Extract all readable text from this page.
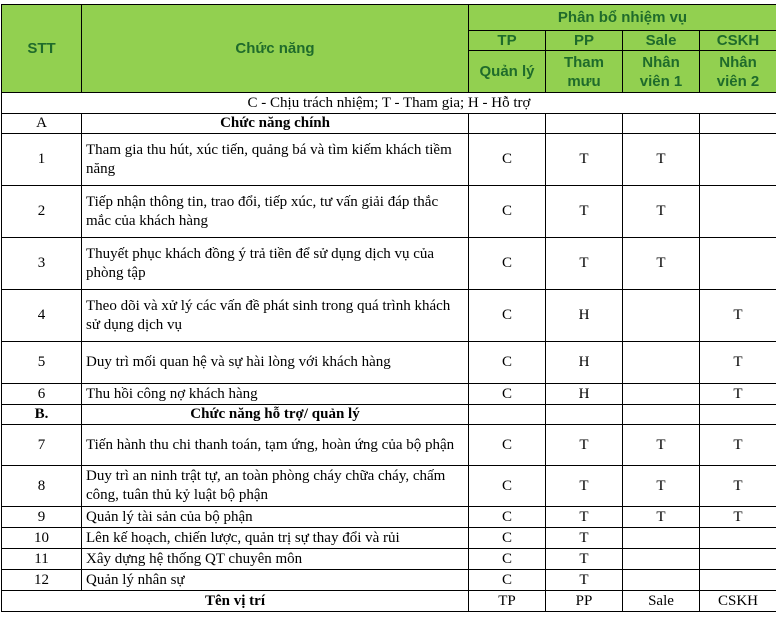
STT	Chức năng	Phân bổ nhiệm vụ			
		TP	PP	Sale	CSKH
		Quản lý	Tham mưu	Nhân viên 1	Nhân viên 2
C - Chịu trách nhiệm; T - Tham gia; H - Hỗ trợ					
A	Chức năng chính				
1	Tham gia thu hút, xúc tiến, quảng bá và tìm kiếm khách tiềm năng	C	T	T	
2	Tiếp nhận thông tin, trao đổi, tiếp xúc, tư vấn giải đáp thắc mắc của khách hàng	C	T	T	
3	Thuyết phục khách đồng ý trả tiền để sử dụng dịch vụ của phòng tập	C	T	T	
4	Theo dõi và xử lý các vấn đề phát sinh trong quá trình khách sử dụng dịch vụ	C	H		T
5	Duy trì mối quan hệ và sự hài lòng với khách hàng	C	H		T
6	Thu hồi công nợ khách hàng	C	H		T
B.	Chức năng hỗ trợ/ quản lý				
7	Tiến hành thu chi thanh toán, tạm ứng, hoàn ứng của bộ phận	C	T	T	T
8	Duy trì an ninh trật tự, an toàn phòng cháy chữa cháy, chấm công, tuân thủ kỷ luật bộ phận	C	T	T	T
9	Quản lý tài sản của bộ phận	C	T	T	T
10	Lên kế hoạch, chiến lược, quản trị sự thay đổi và rủi	C	T		
11	Xây dựng hệ thống QT chuyên môn	C	T		
12	Quản lý nhân sự	C	T		
Tên vị trí		TP	PP	Sale	CSKH
